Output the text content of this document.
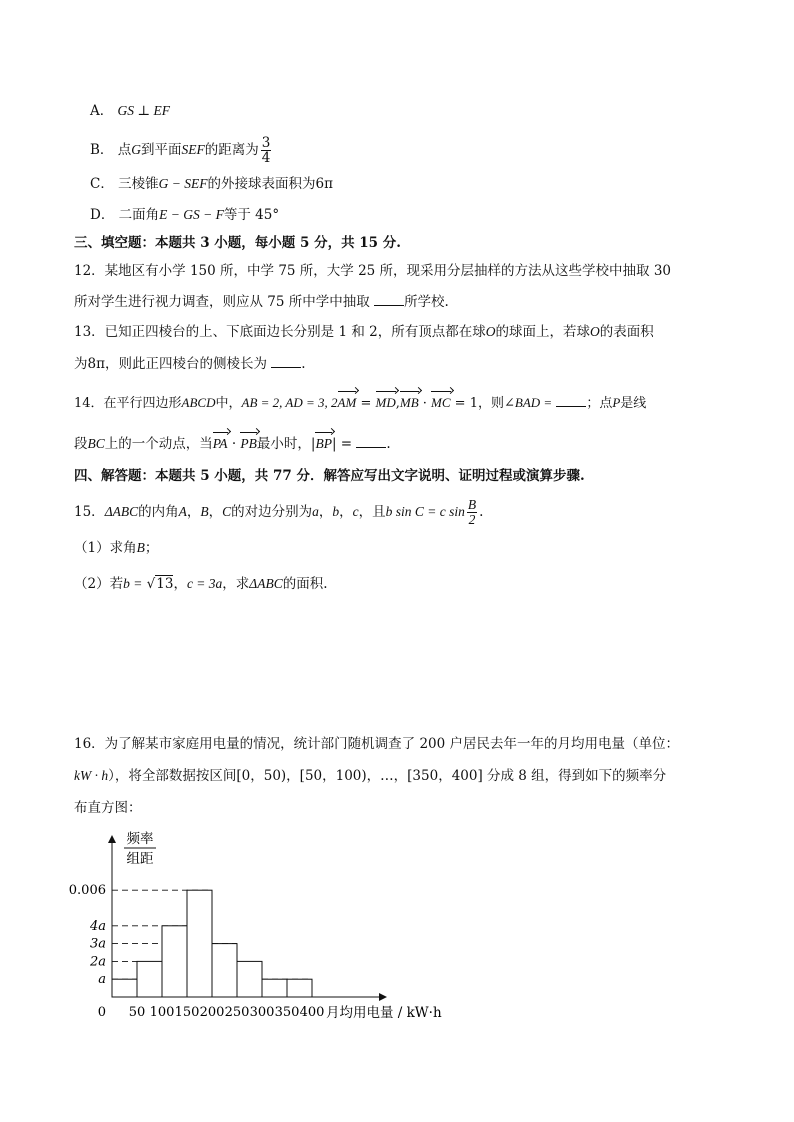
A． GS ⊥ EF
B． 点G到平面SEF的距离为 $\frac{3}{4}$
C． 三棱锥G − SEF的外接球表面积为6π
D． 二面角E − GS − F等于 45°
三、填空题：本题共 3 小题，每小题 5 分，共 15 分.
12．某地区有小学 150 所，中学 75 所，大学 25 所，现采用分层抽样的方法从这些学校中抽取 30
所对学生进行视力调查，则应从 75 所中学中抽取	所学校.
13．已知正四棱台的上、下底面边长分别是 1 和 2，所有顶点都在球O的球面上，若球O的表面积
为8π，则此正四棱台的侧棱长为	.
14．在平行四边形ABCD中，AB = 2, AD = 3, 2AM = MD,MB · MC = 1，则∠BAD =	；点P是线
段BC上的一个动点，当PA · PB最小时，|BP| =	.
四、解答题：本题共 5 小题，共 77 分．解答应写出文字说明、证明过程或演算步骤.
15．ΔABC的内角A，B，C的对边分别为a，b，c，且b sin C = c $\sin \frac{B}{2}$ .
（1）求角B；
（2）若b = √13，c = 3a，求ΔABC的面积.
16．为了解某市家庭用电量的情况，统计部门随机调查了 200 户居民去年一年的月均用电量（单位：
kW · h），将全部数据按区间[0，50)，[50，100)，…，[350，400] 分成 8 组，得到如下的频率分
布直方图：
a
2a
3a
4a
0.006
0 50 100 150 200 250 300 350 400
频率
组距
月均用电量 / kW·h
